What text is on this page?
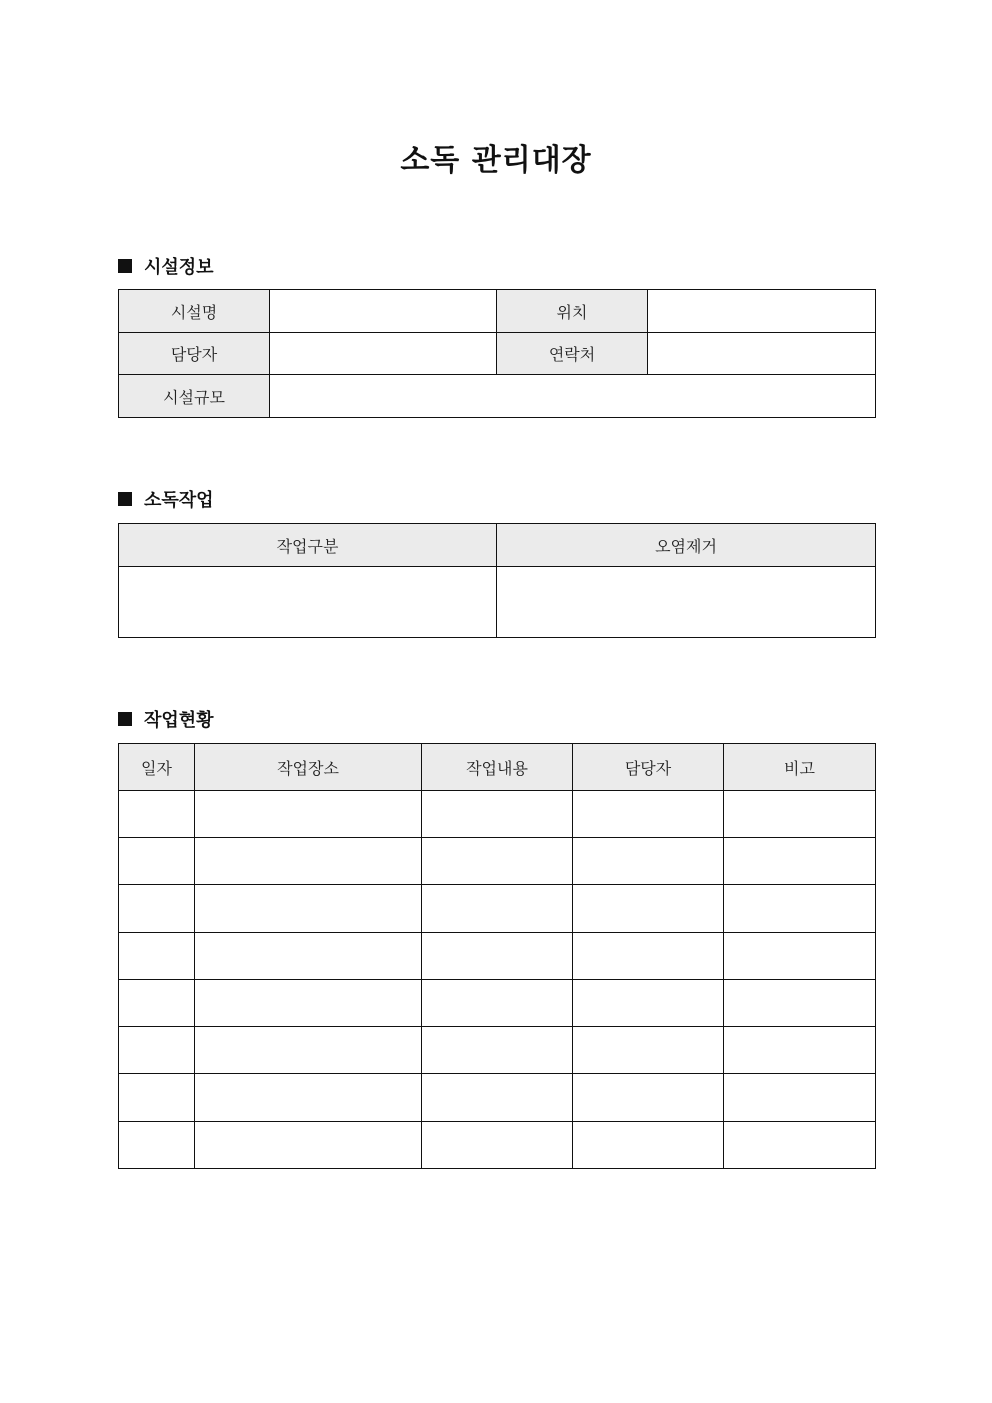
소독 관리대장
시설정보
시설명		위치	
담당자		연락처	
시설규모			
소독작업
작업구분	오염제거

작업현황
일자	작업장소	작업내용	담당자	비고
